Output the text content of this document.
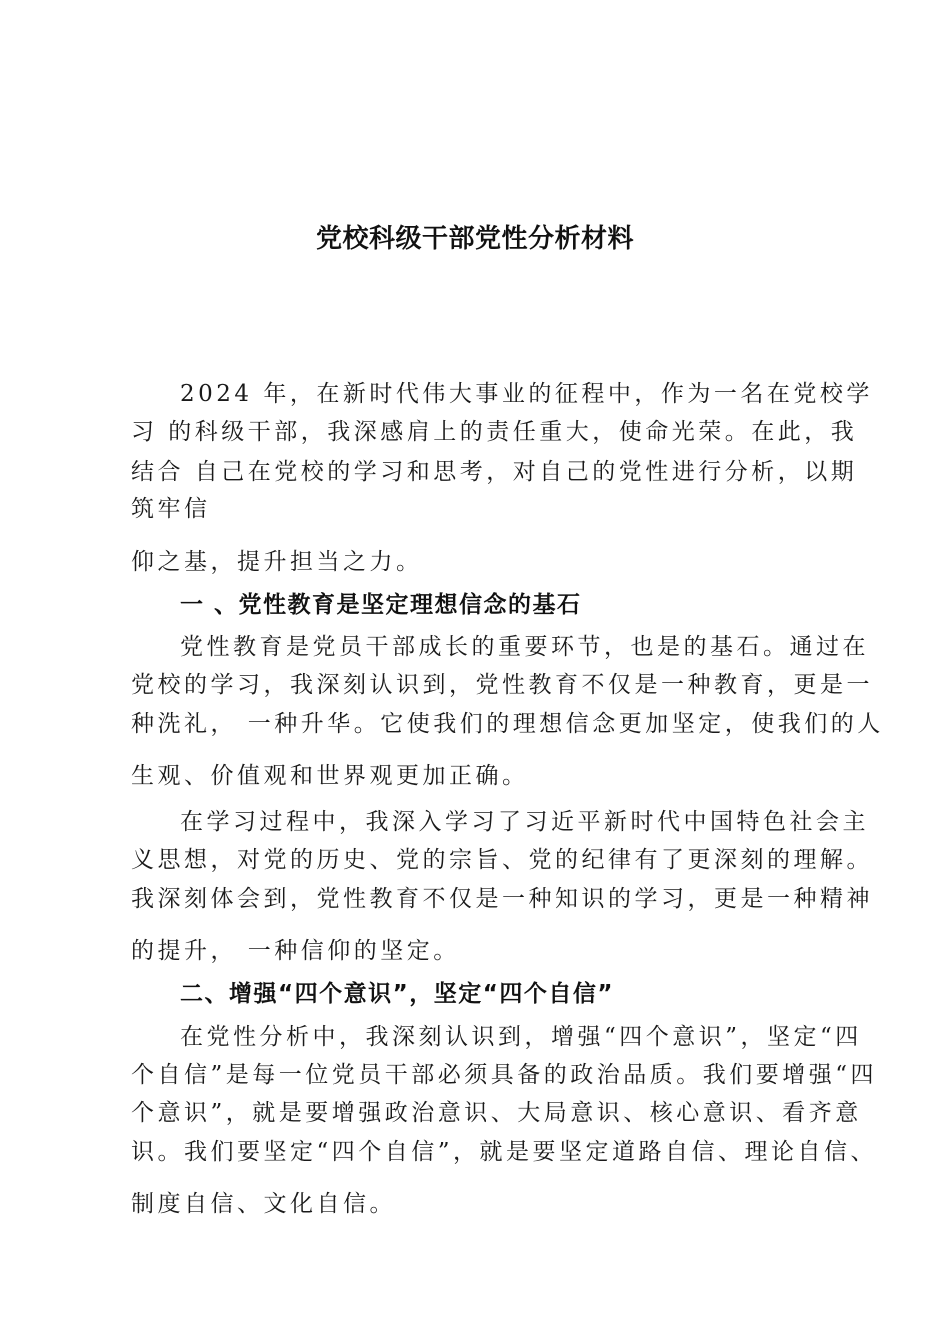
党校科级干部党性分析材料
2024 年，在新时代伟大事业的征程中，作为一名在党校学
习 的科级干部，我深感肩上的责任重大，使命光荣。在此，我
结合 自己在党校的学习和思考，对自己的党性进行分析，以期
筑牢信
仰之基，提升担当之力。
一 、党性教育是坚定理想信念的基石
党性教育是党员干部成长的重要环节，也是的基石。通过在
党校的学习，我深刻认识到，党性教育不仅是一种教育，更是一
种洗礼， 一种升华。它使我们的理想信念更加坚定，使我们的人
生观、价值观和世界观更加正确。
在学习过程中，我深入学习了习近平新时代中国特色社会主
义思想，对党的历史、党的宗旨、党的纪律有了更深刻的理解。
我深刻体会到，党性教育不仅是一种知识的学习，更是一种精神
的提升， 一种信仰的坚定。
二、增强“四个意识”，坚定“四个自信”
在党性分析中，我深刻认识到，增强“四个意识”，坚定“四
个自信”是每一位党员干部必须具备的政治品质。我们要增强“四
个意识”，就是要增强政治意识、大局意识、核心意识、看齐意
识。我们要坚定“四个自信”，就是要坚定道路自信、理论自信、
制度自信、文化自信。
